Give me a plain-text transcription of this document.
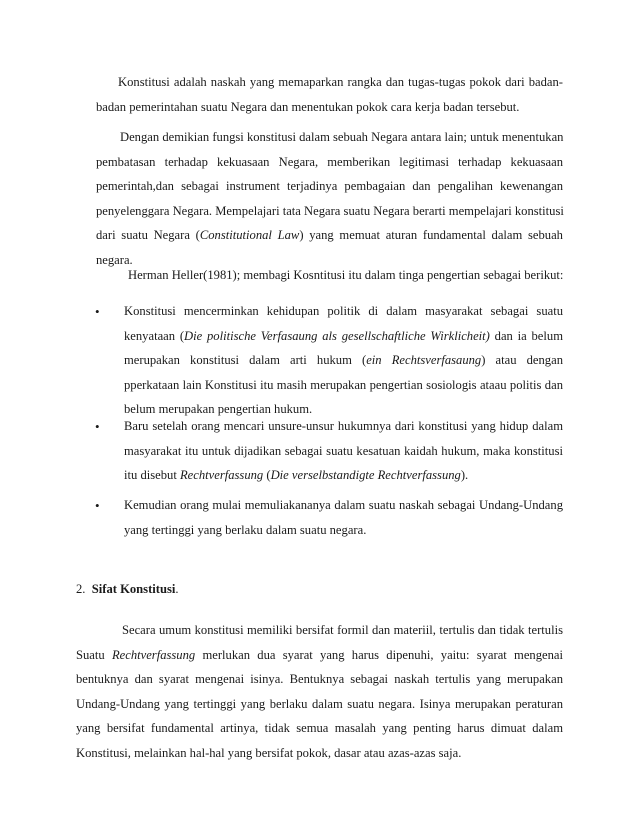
Konstitusi adalah naskah yang memaparkan rangka dan tugas-tugas pokok dari badan-
badan pemerintahan suatu Negara dan menentukan pokok cara kerja badan tersebut.
Dengan demikian fungsi konstitusi dalam sebuah Negara antara lain; untuk menentukan
pembatasan terhadap kekuasaan Negara, memberikan legitimasi terhadap kekuasaan
pemerintah,dan sebagai instrument terjadinya pembagaian dan pengalihan kewenangan
penyelenggara Negara. Mempelajari tata Negara suatu Negara berarti mempelajari konstitusi
dari suatu Negara (Constitutional Law) yang memuat aturan fundamental dalam sebuah
negara.
Herman Heller(1981); membagi Kosntitusi itu dalam tinga pengertian sebagai berikut:
• Konstitusi mencerminkan kehidupan politik di dalam masyarakat sebagai suatu
kenyataan (Die politische Verfasaung als gesellschaftliche Wirklicheit) dan ia belum
merupakan konstitusi dalam arti hukum (ein Rechtsverfasaung) atau dengan
pperkataan lain Konstitusi itu masih merupakan pengertian sosiologis ataau politis dan
belum merupakan pengertian hukum.
• Baru setelah orang mencari unsure-unsur hukumnya dari konstitusi yang hidup dalam
masyarakat itu untuk dijadikan sebagai suatu kesatuan kaidah hukum, maka konstitusi
itu disebut Rechtverfassung (Die verselbstandigte Rechtverfassung).
• Kemudian orang mulai memuliakananya dalam suatu naskah sebagai Undang-Undang
yang tertinggi yang berlaku dalam suatu negara.
2. Sifat Konstitusi.
Secara umum konstitusi memiliki bersifat formil dan materiil, tertulis dan tidak tertulis
Suatu Rechtverfassung merlukan dua syarat yang harus dipenuhi, yaitu: syarat mengenai
bentuknya dan syarat mengenai isinya. Bentuknya sebagai naskah tertulis yang merupakan
Undang-Undang yang tertinggi yang berlaku dalam suatu negara. Isinya merupakan peraturan
yang bersifat fundamental artinya, tidak semua masalah yang penting harus dimuat dalam
Konstitusi, melainkan hal-hal yang bersifat pokok, dasar atau azas-azas saja.
